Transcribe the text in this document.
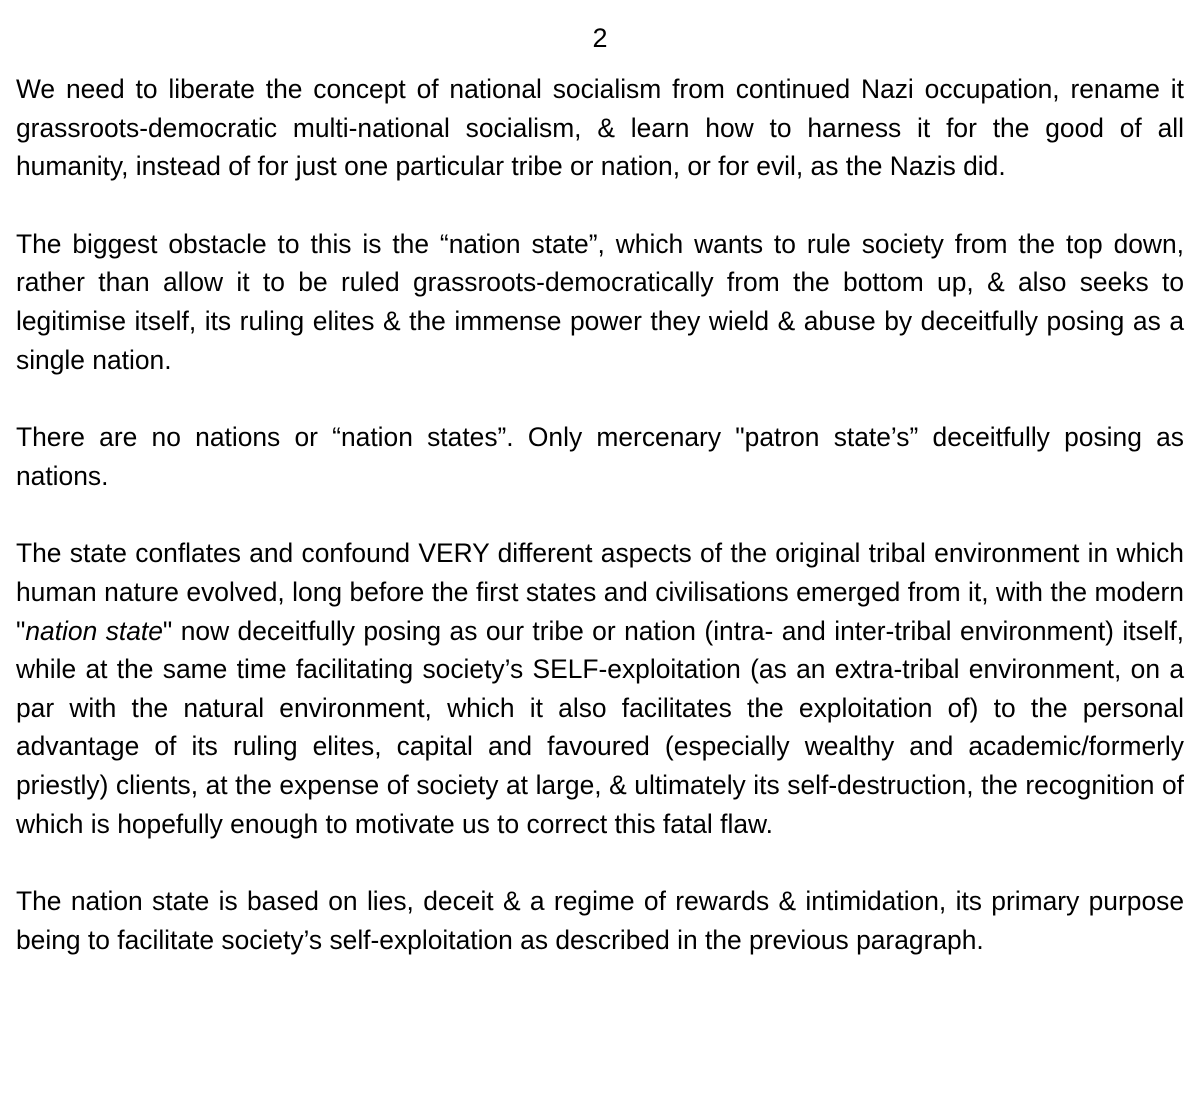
2

We need to liberate the concept of national socialism from continued Nazi occupation, rename it grassroots-democratic multi-national socialism, & learn how to harness it for the good of all humanity, instead of for just one particular tribe or nation, or for evil, as the Nazis did.

The biggest obstacle to this is the “nation state”, which wants to rule society from the top down, rather than allow it to be ruled grassroots-democratically from the bottom up, & also seeks to legitimise itself, its ruling elites & the immense power they wield & abuse by deceitfully posing as a single nation.

There are no nations or “nation states”. Only mercenary "patron state’s” deceitfully posing as nations.

The state conflates and confound VERY different aspects of the original tribal environment in which human nature evolved, long before the first states and civilisations emerged from it, with the modern "nation state" now deceitfully posing as our tribe or nation (intra- and inter-tribal environment) itself, while at the same time facilitating society’s SELF-exploitation (as an extra-tribal environment, on a par with the natural environment, which it also facilitates the exploitation of) to the personal advantage of its ruling elites, capital and favoured (especially wealthy and academic/formerly priestly) clients, at the expense of society at large, & ultimately its self-destruction, the recognition of which is hopefully enough to motivate us to correct this fatal flaw.

The nation state is based on lies, deceit & a regime of rewards & intimidation, its primary purpose being to facilitate society’s self-exploitation as described in the previous paragraph.
